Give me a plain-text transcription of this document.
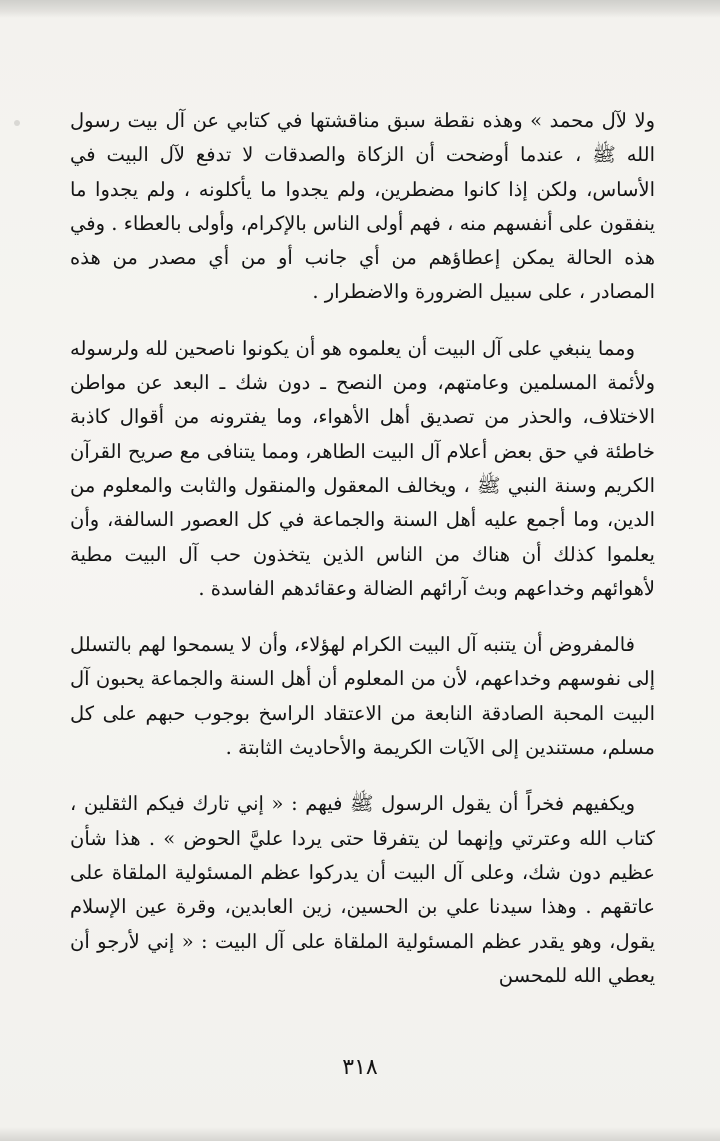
ولا لآل محمد » وهذه نقطة سبق مناقشتها في كتابي عن آل بيت رسول الله ﷺ ، عندما أوضحت أن الزكاة والصدقات لا تدفع لآل البيت في الأساس، ولكن إذا كانوا مضطرين، ولم يجدوا ما يأكلونه ، ولم يجدوا ما ينفقون على أنفسهم منه ، فهم أولى الناس بالإكرام، وأولى بالعطاء . وفي هذه الحالة يمكن إعطاؤهم من أي جانب أو من أي مصدر من هذه المصادر ، على سبيل الضرورة والاضطرار .

ومما ينبغي على آل البيت أن يعلموه هو أن يكونوا ناصحين لله ولرسوله ولأئمة المسلمين وعامتهم، ومن النصح ـ دون شك ـ البعد عن مواطن الاختلاف، والحذر من تصديق أهل الأهواء، وما يفترونه من أقوال كاذبة خاطئة في حق بعض أعلام آل البيت الطاهر، ومما يتنافى مع صريح القرآن الكريم وسنة النبي ﷺ ، ويخالف المعقول والمنقول والثابت والمعلوم من الدين، وما أجمع عليه أهل السنة والجماعة في كل العصور السالفة، وأن يعلموا كذلك أن هناك من الناس الذين يتخذون حب آل البيت مطية لأهوائهم وخداعهم وبث آرائهم الضالة وعقائدهم الفاسدة .

فالمفروض أن يتنبه آل البيت الكرام لهؤلاء، وأن لا يسمحوا لهم بالتسلل إلى نفوسهم وخداعهم، لأن من المعلوم أن أهل السنة والجماعة يحبون آل البيت المحبة الصادقة النابعة من الاعتقاد الراسخ بوجوب حبهم على كل مسلم، مستندين إلى الآيات الكريمة والأحاديث الثابتة .

ويكفيهم فخراً أن يقول الرسول ﷺ فيهم : « إني تارك فيكم الثقلين ، كتاب الله وعترتي وإنهما لن يتفرقا حتى يردا عليَّ الحوض » . هذا شأن عظيم دون شك، وعلى آل البيت أن يدركوا عظم المسئولية الملقاة على عاتقهم . وهذا سيدنا علي بن الحسين، زين العابدين، وقرة عين الإسلام يقول، وهو يقدر عظم المسئولية الملقاة على آل البيت : « إني لأرجو أن يعطي الله للمحسن

٣١٨
